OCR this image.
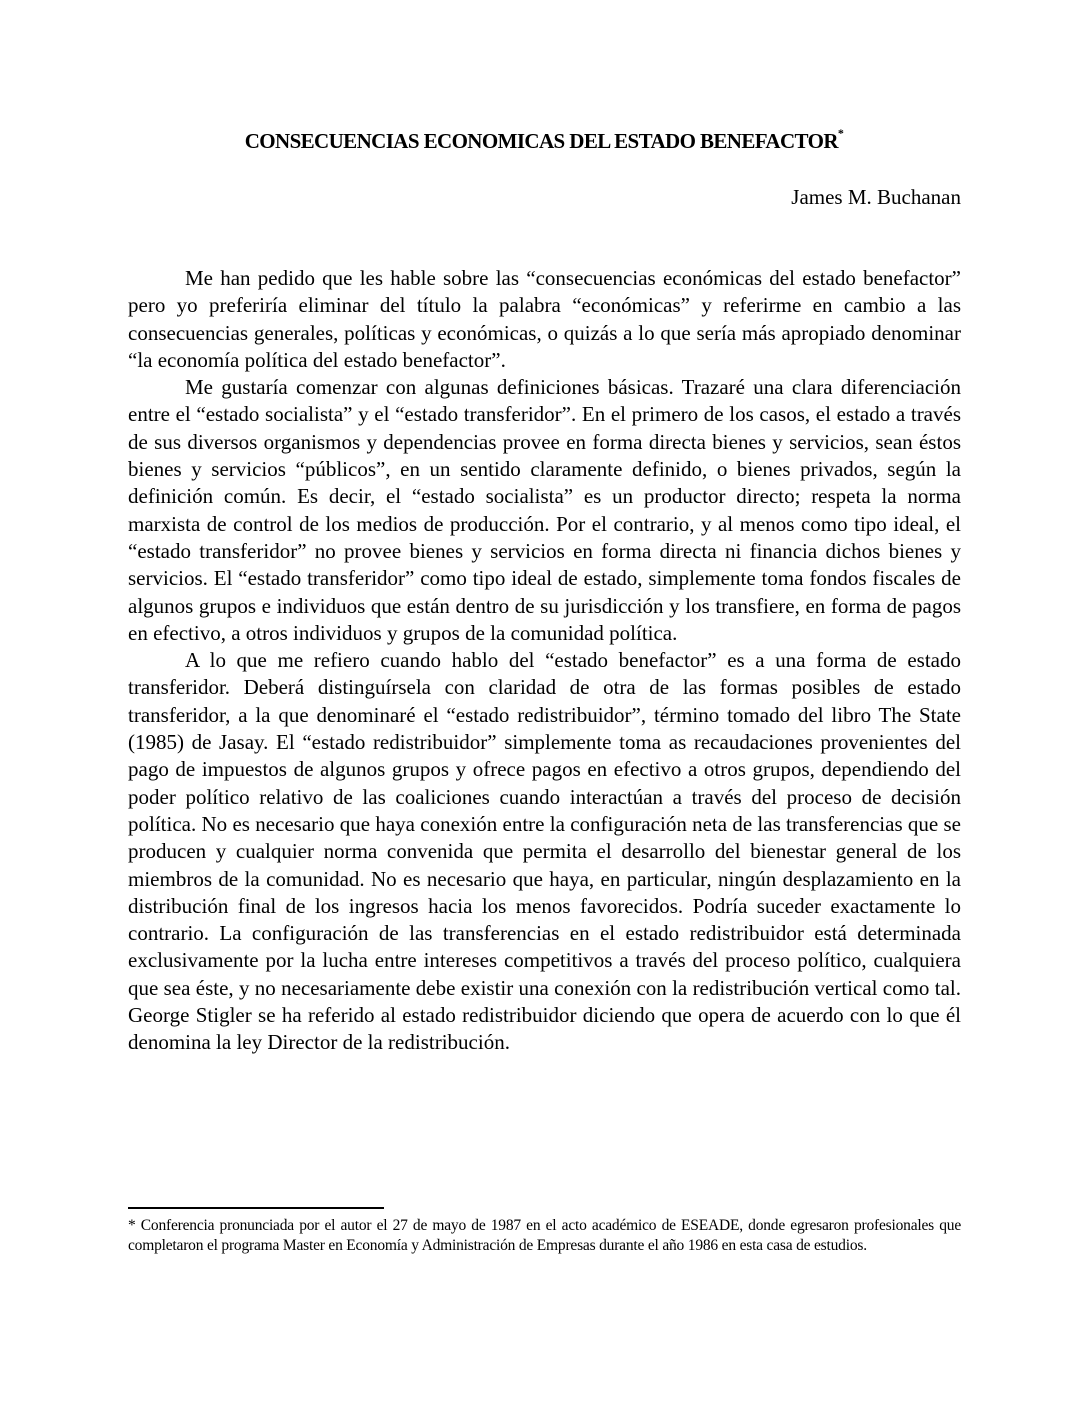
CONSECUENCIAS ECONOMICAS DEL ESTADO BENEFACTOR*
James M. Buchanan

Me han pedido que les hable sobre las “consecuencias económicas del estado benefactor” pero yo preferiría eliminar del título la palabra “económicas” y referirme en cambio a las consecuencias generales, políticas y económicas, o quizás a lo que sería más apropiado denominar “la economía política del estado benefactor”.

Me gustaría comenzar con algunas definiciones básicas. Trazaré una clara diferenciación entre el “estado socialista” y el “estado transferidor”. En el primero de los casos, el estado a través de sus diversos organismos y dependencias provee en forma directa bienes y servicios, sean éstos bienes y servicios “públicos”, en un sentido claramente definido, o bienes privados, según la definición común. Es decir, el “estado socialista” es un productor directo; respeta la norma marxista de control de los medios de producción. Por el contrario, y al menos como tipo ideal, el “estado transferidor” no provee bienes y servicios en forma directa ni financia dichos bienes y servicios. El “estado transferidor” como tipo ideal de estado, simplemente toma fondos fiscales de algunos grupos e individuos que están dentro de su jurisdicción y los transfiere, en forma de pagos en efectivo, a otros individuos y grupos de la comunidad política.

A lo que me refiero cuando hablo del “estado benefactor” es a una forma de estado transferidor. Deberá distinguírsela con claridad de otra de las formas posibles de estado transferidor, a la que denominaré el “estado redistribuidor”, término tomado del libro The State (1985) de Jasay. El “estado redistribuidor” simplemente toma as recaudaciones provenientes del pago de impuestos de algunos grupos y ofrece pagos en efectivo a otros grupos, dependiendo del poder político relativo de las coaliciones cuando interactúan a través del proceso de decisión política. No es necesario que haya conexión entre la configuración neta de las transferencias que se producen y cualquier norma convenida que permita el desarrollo del bienestar general de los miembros de la comunidad. No es necesario que haya, en particular, ningún desplazamiento en la distribución final de los ingresos hacia los menos favorecidos. Podría suceder exactamente lo contrario. La configuración de las transferencias en el estado redistribuidor está determinada exclusivamente por la lucha entre intereses competitivos a través del proceso político, cualquiera que sea éste, y no necesariamente debe existir una conexión con la redistribución vertical como tal. George Stigler se ha referido al estado redistribuidor diciendo que opera de acuerdo con lo que él denomina la ley Director de la redistribución.

* Conferencia pronunciada por el autor el 27 de mayo de 1987 en el acto académico de ESEADE, donde egresaron profesionales que completaron el programa Master en Economía y Administración de Empresas durante el año 1986 en esta casa de estudios.
